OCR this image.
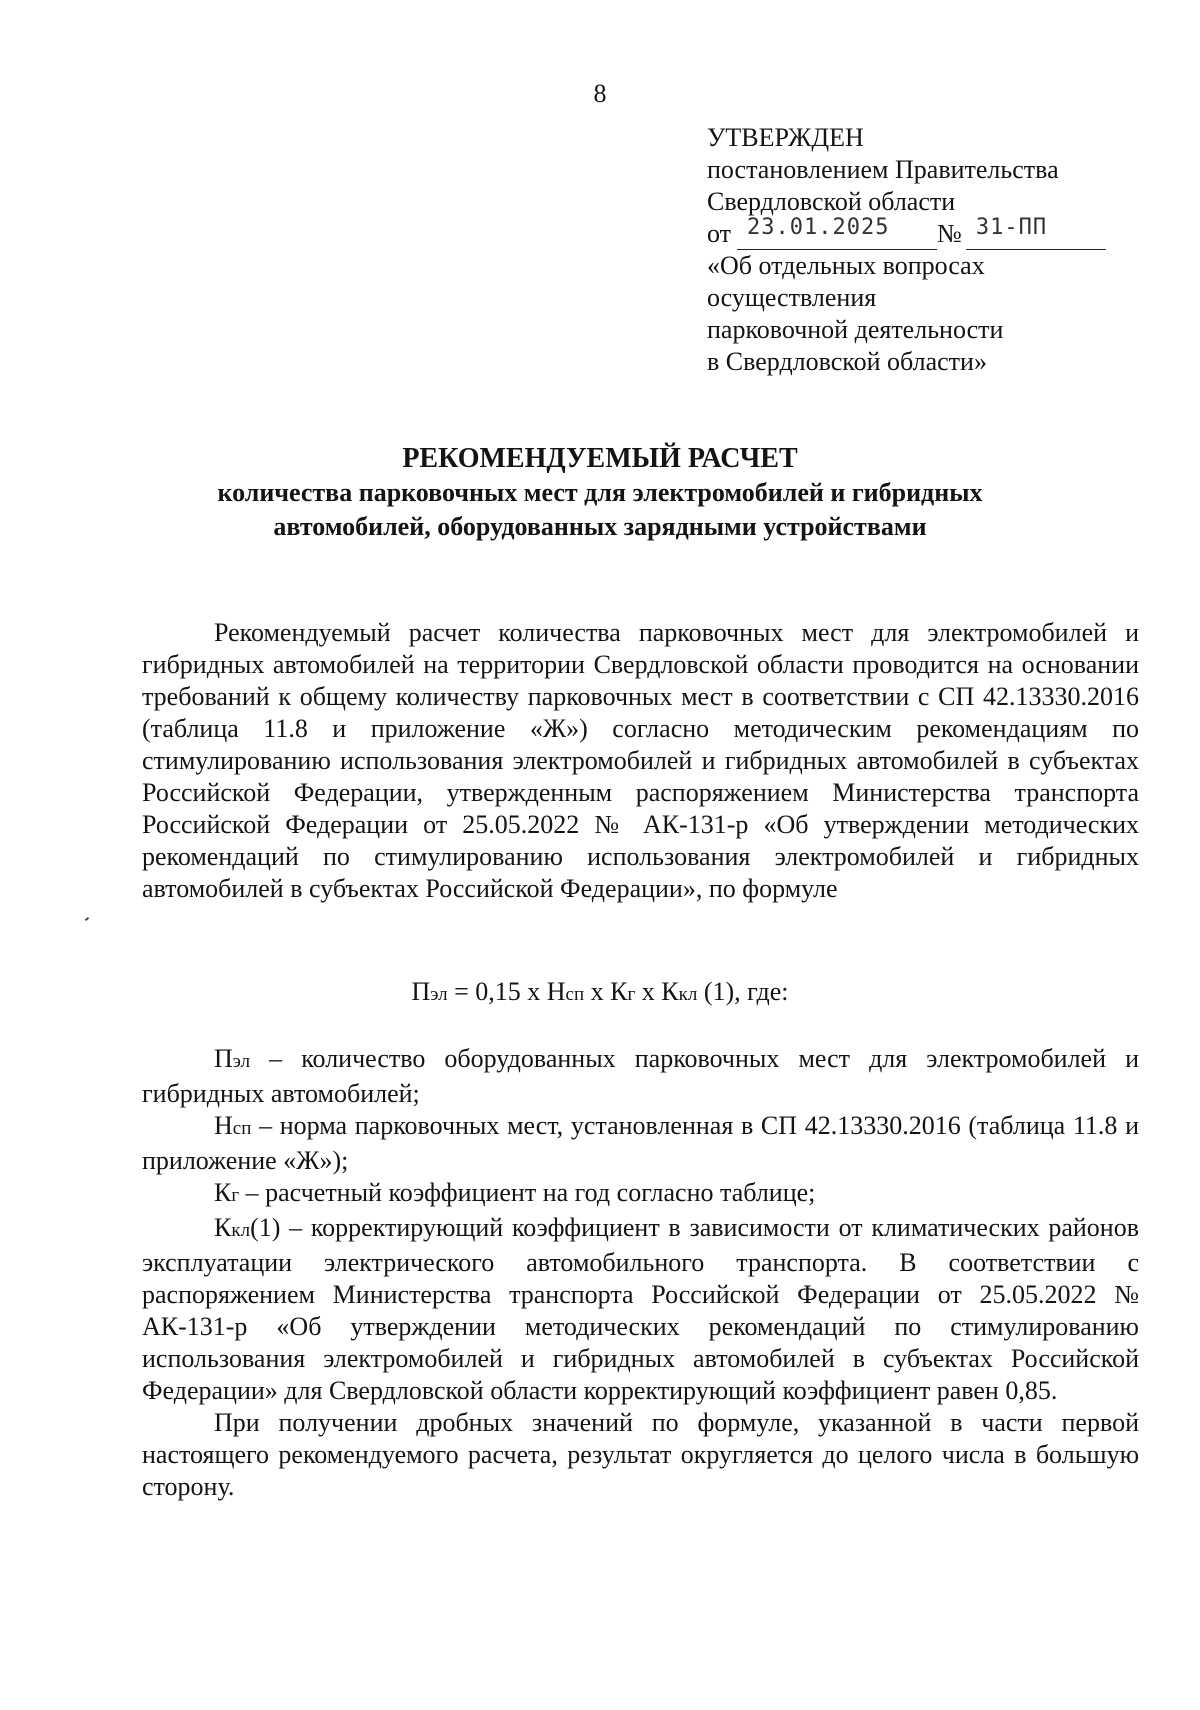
8
УТВЕРЖДЕН
постановлением Правительства
Свердловской области
от 23.01.2025 № 31-ПП
«Об отдельных вопросах
осуществления
парковочной деятельности
в Свердловской области»
РЕКОМЕНДУЕМЫЙ РАСЧЕТ
количества парковочных мест для электромобилей и гибридных
автомобилей, оборудованных зарядными устройствами

Рекомендуемый расчет количества парковочных мест для электромобилей и гибридных автомобилей на территории Свердловской области проводится на основании требований к общему количеству парковочных мест в соответствии с СП 42.13330.2016 (таблица 11.8 и приложение «Ж») согласно методическим рекомендациям по стимулированию использования электромобилей и гибридных автомобилей в субъектах Российской Федерации, утвержденным распоряжением Министерства транспорта Российской Федерации от 25.05.2022 № АК-131-р «Об утверждении методических рекомендаций по стимулированию использования электромобилей и гибридных автомобилей в субъектах Российской Федерации», по формуле

Пэл = 0,15 х Нсп х Кг х Ккл (1), где:

Пэл – количество оборудованных парковочных мест для электромобилей и гибридных автомобилей;

Нсп – норма парковочных мест, установленная в СП 42.13330.2016 (таблица 11.8 и приложение «Ж»);

Кг – расчетный коэффициент на год согласно таблице;

Ккл(1) – корректирующий коэффициент в зависимости от климатических районов эксплуатации электрического автомобильного транспорта. В соответствии с распоряжением Министерства транспорта Российской Федерации от 25.05.2022 № АК-131-р «Об утверждении методических рекомендаций по стимулированию использования электромобилей и гибридных автомобилей в субъектах Российской Федерации» для Свердловской области корректирующий коэффициент равен 0,85.

При получении дробных значений по формуле, указанной в части первой настоящего рекомендуемого расчета, результат округляется до целого числа в большую сторону.
